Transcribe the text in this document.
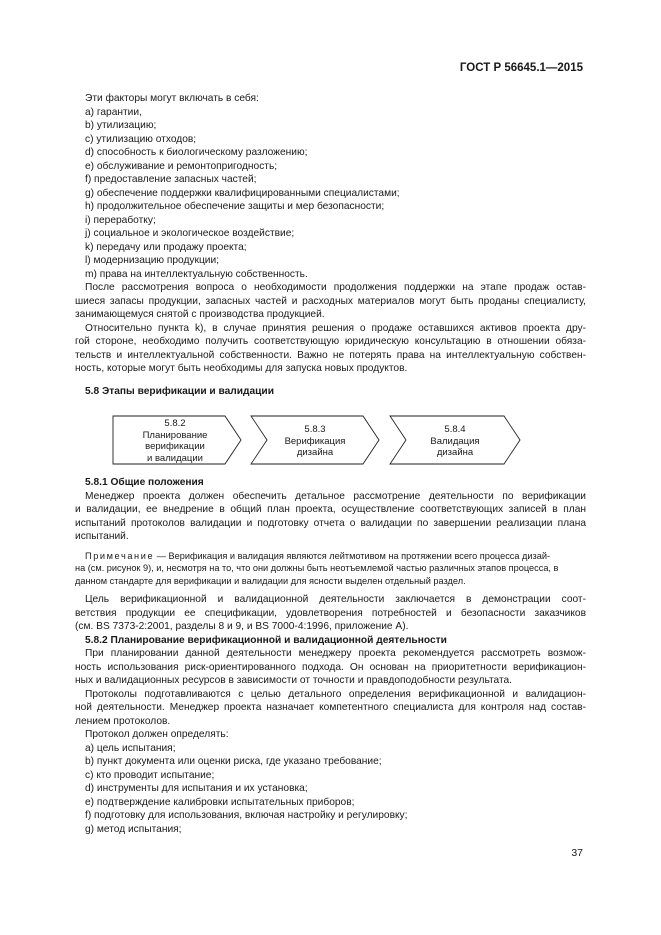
ГОСТ Р 56645.1—2015
Эти факторы могут включать в себя:
a) гарантии,
b) утилизацию;
c) утилизацию отходов;
d) способность к биологическому разложению;
e) обслуживание и ремонтопригодность;
f) предоставление запасных частей;
g) обеспечение поддержки квалифицированными специалистами;
h) продолжительное обеспечение защиты и мер безопасности;
i) переработку;
j) социальное и экологическое воздействие;
k) передачу или продажу проекта;
l) модернизацию продукции;
m) права на интеллектуальную собственность.
После рассмотрения вопроса о необходимости продолжения поддержки на этапе продаж остав-
шиеся запасы продукции, запасных частей и расходных материалов могут быть проданы специалисту,
занимающемуся снятой с производства продукцией.
Относительно пункта k), в случае принятия решения о продаже оставшихся активов проекта дру-
гой стороне, необходимо получить соответствующую юридическую консультацию в отношении обяза-
тельств и интеллектуальной собственности. Важно не потерять права на интеллектуальную собствен-
ность, которые могут быть необходимы для запуска новых продуктов.
5.8 Этапы верификации и валидации
5.8.2
Планирование
верификации
и валидации
5.8.3
Верификация
дизайна
5.8.4
Валидация
дизайна
5.8.1 Общие положения
Менеджер проекта должен обеспечить детальное рассмотрение деятельности по верификации
и валидации, ее внедрение в общий план проекта, осуществление соответствующих записей в план
испытаний протоколов валидации и подготовку отчета о валидации по завершении реализации плана
испытаний.
Примечание — Верификация и валидация являются лейтмотивом на протяжении всего процесса дизай-
на (см. рисунок 9), и, несмотря на то, что они должны быть неотъемлемой частью различных этапов процесса, в
данном стандарте для верификации и валидации для ясности выделен отдельный раздел.
Цель верификационной и валидационной деятельности заключается в демонстрации соот-
ветствия продукции ее спецификации, удовлетворения потребностей и безопасности заказчиков
(см. BS 7373-2:2001, разделы 8 и 9, и BS 7000-4:1996, приложение А).
5.8.2 Планирование верификационной и валидационной деятельности
При планировании данной деятельности менеджеру проекта рекомендуется рассмотреть возмож-
ность использования риск-ориентированного подхода. Он основан на приоритетности верификацион-
ных и валидационных ресурсов в зависимости от точности и правдоподобности результата.
Протоколы подготавливаются с целью детального определения верификационной и валидацион-
ной деятельности. Менеджер проекта назначает компетентного специалиста для контроля над состав-
лением протоколов.
Протокол должен определять:
a) цель испытания;
b) пункт документа или оценки риска, где указано требование;
c) кто проводит испытание;
d) инструменты для испытания и их установка;
e) подтверждение калибровки испытательных приборов;
f) подготовку для использования, включая настройку и регулировку;
g) метод испытания;
37
